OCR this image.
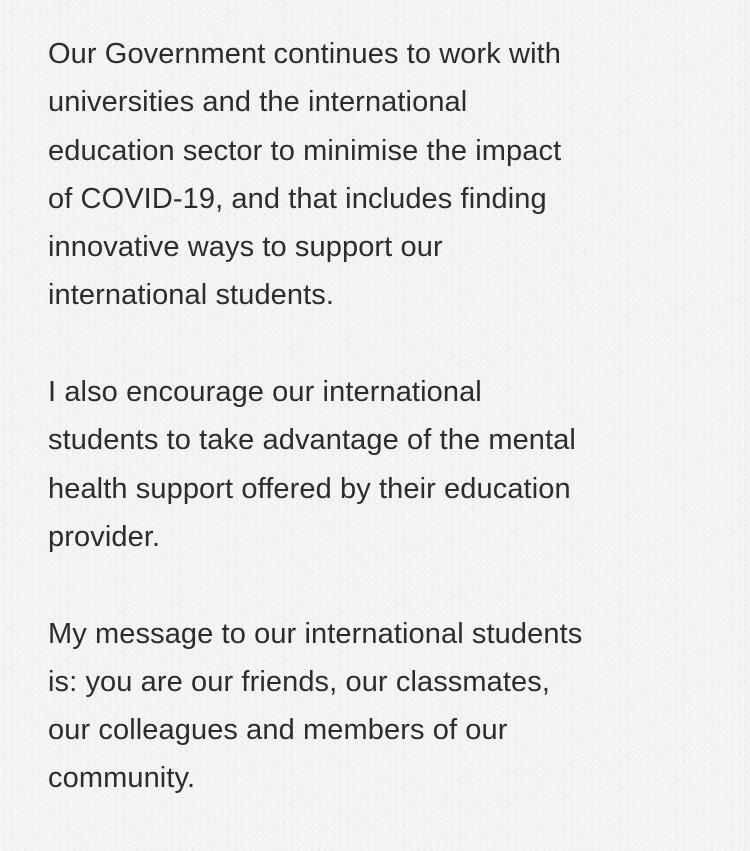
Our Government continues to work with
universities and the international
education sector to minimise the impact
of COVID-19, and that includes finding
innovative ways to support our
international students.

I also encourage our international
students to take advantage of the mental
health support offered by their education
provider.

My message to our international students
is: you are our friends, our classmates,
our colleagues and members of our
community.
